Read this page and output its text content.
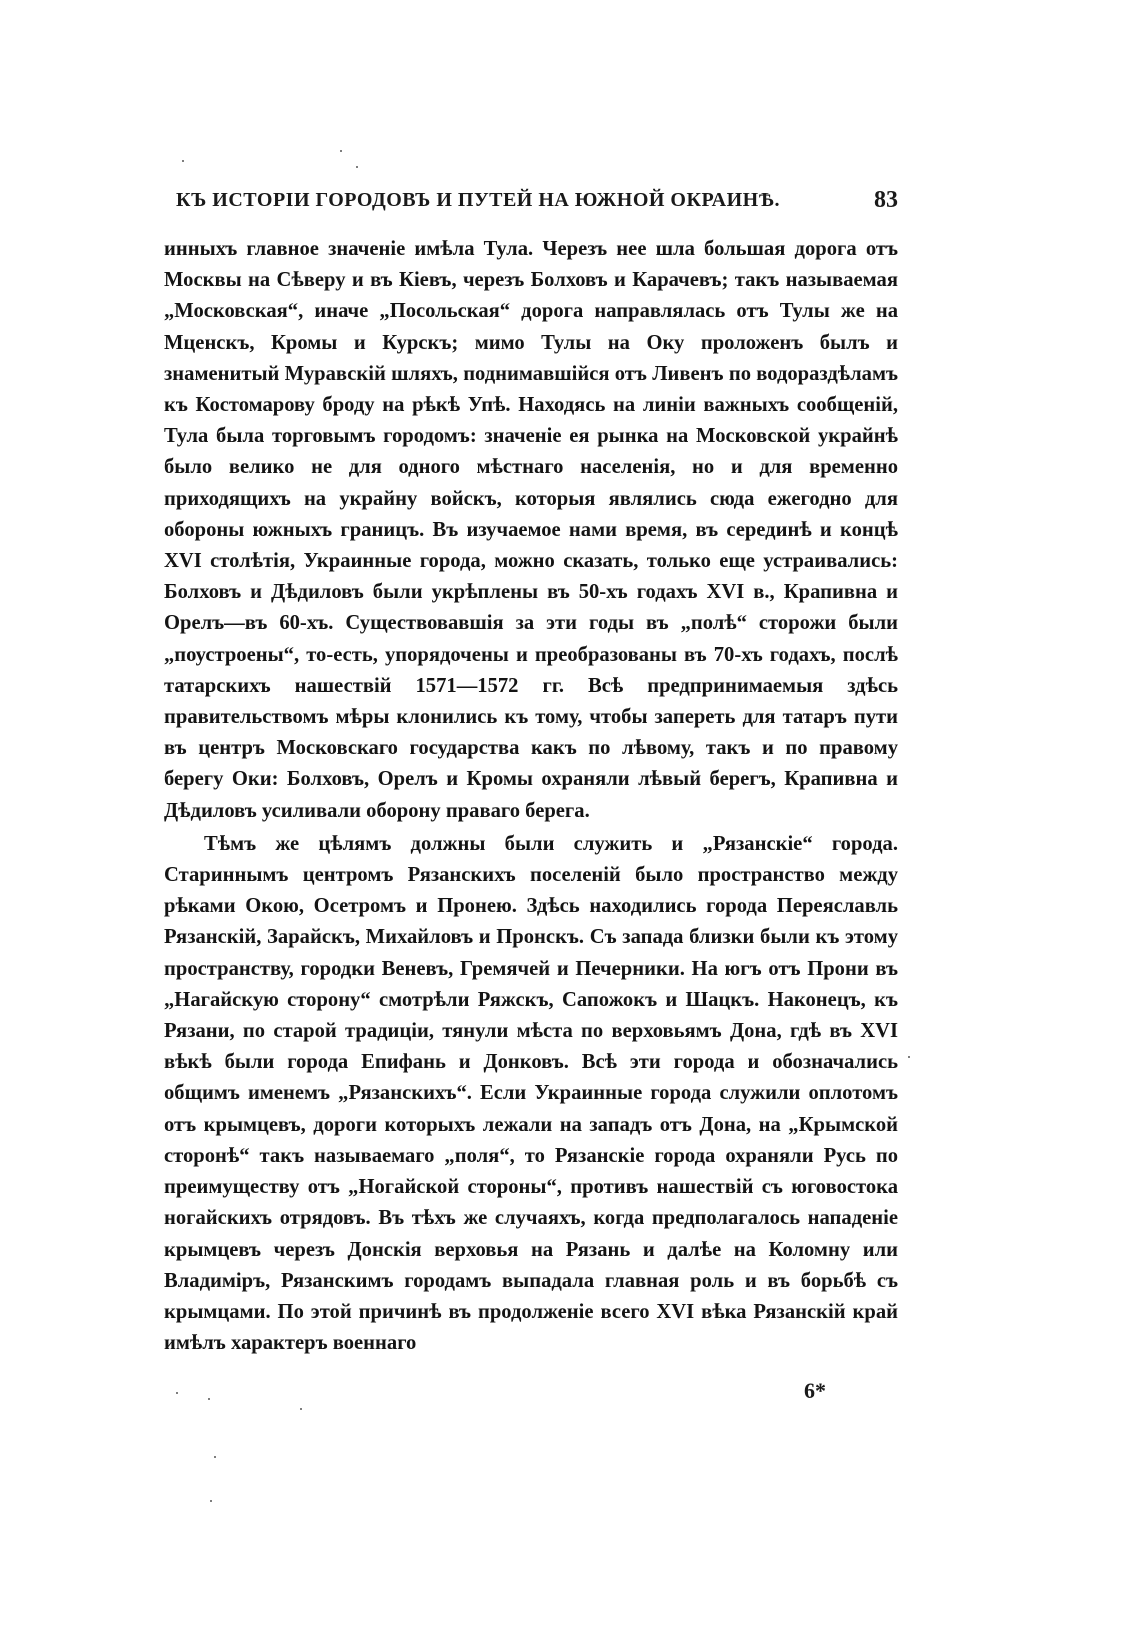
КЪ ИСТОРІИ ГОРОДОВЪ И ПУТЕЙ НА ЮЖНОЙ ОКРАИНѢ.	83

инныхъ главное значеніе имѣла Тула. Черезъ нее шла большая дорога отъ Москвы на Сѣверу и въ Кіевъ, черезъ Болховъ и Карачевъ; такъ называемая „Московская“, иначе „Посольская“ дорога направлялась отъ Тулы же на Мценскъ, Кромы и Курскъ; мимо Тулы на Оку проложенъ былъ и знаменитый Муравскій шляхъ, поднимавшійся отъ Ливенъ по водораздѣламъ къ Костомарову броду на рѣкѣ Упѣ. Находясь на линіи важныхъ сообщеній, Тула была торговымъ городомъ: значеніе ея рынка на Московской украйнѣ было велико не для одного мѣстнаго населенія, но и для временно приходящихъ на украйну войскъ, которыя являлись сюда ежегодно для обороны южныхъ границъ. Въ изучаемое нами время, въ серединѣ и концѣ XVI столѣтія, Украинные города, можно сказать, только еще устраивались: Болховъ и Дѣдиловъ были укрѣплены въ 50-хъ годахъ XVI в., Крапивна и Орелъ—въ 60-хъ. Существовавшія за эти годы въ „полѣ“ сторожи были „поустроены“, то-есть, упорядочены и преобразованы въ 70-хъ годахъ, послѣ татарскихъ нашествій 1571—1572 гг. Всѣ предпринимаемыя здѣсь правительствомъ мѣры клонились къ тому, чтобы запереть для татаръ пути въ центръ Московскаго государства какъ по лѣвому, такъ и по правому берегу Оки: Болховъ, Орелъ и Кромы охраняли лѣвый берегъ, Крапивна и Дѣдиловъ усиливали оборону праваго берега.

Тѣмъ же цѣлямъ должны были служить и „Рязанскіе“ города. Стариннымъ центромъ Рязанскихъ поселеній было пространство между рѣками Окою, Осетромъ и Пронею. Здѣсь находились города Переяславль Рязанскій, Зарайскъ, Михайловъ и Пронскъ. Съ запада близки были къ этому пространству, городки Веневъ, Гремячей и Печерники. На югъ отъ Прони въ „Нагайскую сторону“ смотрѣли Ряжскъ, Сапожокъ и Шацкъ. Наконецъ, къ Рязани, по старой традиціи, тянули мѣста по верховьямъ Дона, гдѣ въ XVI вѣкѣ были города Епифань и Донковъ. Всѣ эти города и обозначались общимъ именемъ „Рязанскихъ“. Если Украинные города служили оплотомъ отъ крымцевъ, дороги которыхъ лежали на западъ отъ Дона, на „Крымской сторонѣ“ такъ называемаго „поля“, то Рязанскіе города охраняли Русь по преимуществу отъ „Ногайской стороны“, противъ нашествій съ юговостока ногайскихъ отрядовъ. Въ тѣхъ же случаяхъ, когда предполагалось нападеніе крымцевъ черезъ Донскія верховья на Рязань и далѣе на Коломну или Владиміръ, Рязанскимъ городамъ выпадала главная роль и въ борьбѣ съ крымцами. По этой причинѣ въ продолженіе всего XVI вѣка Рязанскій край имѣлъ характеръ военнаго

6*
